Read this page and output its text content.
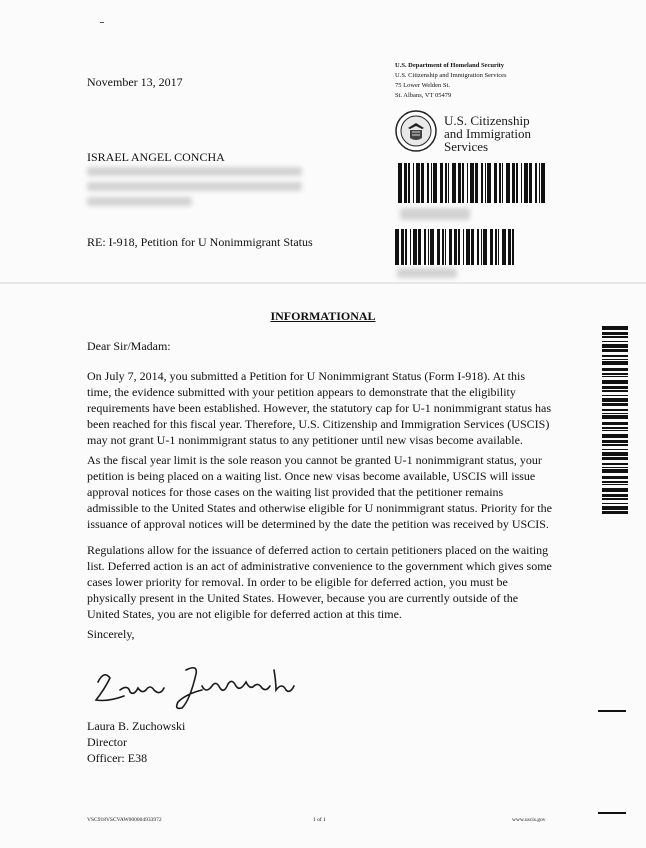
November 13, 2017
U.S. Department of Homeland Security
U.S. Citizenship and Immigration Services
75 Lower Welden St.
St. Albans, VT 05479
U.S. Citizenship
and Immigration
Services
ISRAEL ANGEL CONCHA
RE: I-918, Petition for U Nonimmigrant Status
INFORMATIONAL
Dear Sir/Madam:
On July 7, 2014, you submitted a Petition for U Nonimmigrant Status (Form I-918). At this time, the evidence submitted with your petition appears to demonstrate that the eligibility requirements have been established. However, the statutory cap for U-1 nonimmigrant status has been reached for this fiscal year. Therefore, U.S. Citizenship and Immigration Services (USCIS) may not grant U-1 nonimmigrant status to any petitioner until new visas become available.
As the fiscal year limit is the sole reason you cannot be granted U-1 nonimmigrant status, your petition is being placed on a waiting list. Once new visas become available, USCIS will issue approval notices for those cases on the waiting list provided that the petitioner remains admissible to the United States and otherwise eligible for U nonimmigrant status. Priority for the issuance of approval notices will be determined by the date the petition was received by USCIS.
Regulations allow for the issuance of deferred action to certain petitioners placed on the waiting list. Deferred action is an act of administrative convenience to the government which gives some cases lower priority for removal. In order to be eligible for deferred action, you must be physically present in the United States. However, because you are currently outside of the United States, you are not eligible for deferred action at this time.
Sincerely,
Laura B. Zuchowski
Director
Officer: E38
VSC918VSCVAW000004933972	1 of 1	www.uscis.gov
